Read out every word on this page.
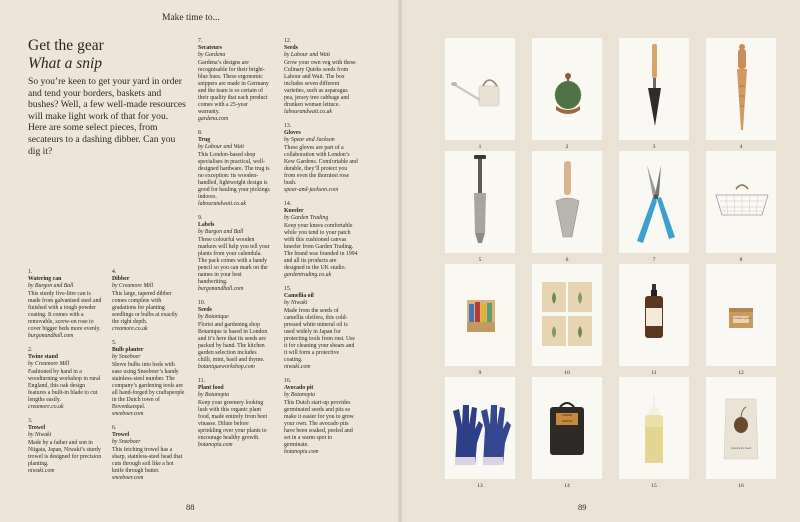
Make time to...
Get the gear
What a snip
So you’re keen to get your yard in order and tend your borders, baskets and bushes? Well, a few well-made resources will make light work of that for you. Here are some select pieces, from secateurs to a dashing dibber. Can you dig it?
1.
Watering can
by Burgon and Ball
This sturdy five-litre can is made from galvanised steel and finished with a tough powder coating. It comes with a removable, screw-on rose to cover bigger beds more evenly.
burgonandball.com
2.
Twine stand
by Creamore Mill
Fashioned by hand in a woodturning workshop in rural England, this oak design features a built-in blade to cut lengths easily.
creamore.co.uk
3.
Trowel
by Niwaki
Made by a father and son in Niigata, Japan, Niwaki’s sturdy trowel is designed for precision planting.
niwaki.com
4.
Dibber
by Creamore Mill
This large, tapered dibber comes complete with gradations for planting seedlings or bulbs at exactly the right depth.
creamore.co.uk
5.
Bulb planter
by Sneeboer
Shove bulbs into beds with ease using Sneeboer’s handy stainless-steel number. The company’s gardening tools are all hand-forged by craftspeople in the Dutch town of Bovenkarspel.
sneeboer.com
6.
Trowel
by Sneeboer
This fetching trowel has a sharp, stainless-steel head that cuts through soil like a hot knife through butter.
sneeboer.com
7.
Secateurs
by Gardena
Gardena’s designs are recognisable for their bright-blue hues. These ergonomic snippers are made in Germany and the team is so certain of their quality that each product comes with a 25-year warranty.
gardena.com
8.
Trug
by Labour and Wait
This London-based shop specialises in practical, well-designed hardware. The trug is no exception: its wooden-handled, lightweight design is good for hauling your pickings indoors.
labourandwait.co.uk
9.
Labels
by Burgon and Ball
These colourful wooden markers will help you tell your plants from your calendula. The pack comes with a handy pencil so you can mark on the names in your best handwriting.
burgonandball.com
10.
Seeds
by Botanique
Florist and gardening shop Botanique is based in London and it’s here that its seeds are packed by hand. The kitchen garden selection includes chilli, mint, basil and thyme.
botaniqueworkshop.com
11.
Plant food
by Botanopia
Keep your greenery looking lush with this organic plant food, made entirely from beet vinasse. Dilute before sprinkling over your plants to encourage healthy growth.
botanopia.com
12.
Seeds
by Labour and Wait
Grow your own veg with these Culinary Quirks seeds from Labour and Wait. The box includes seven different varieties, such as asparagus pea, jersey tree cabbage and drunken woman lettuce.
labourandwait.co.uk
13.
Gloves
by Spear and Jackson
These gloves are part of a collaboration with London’s Kew Gardens. Comfortable and durable, they’ll protect you from even the thorniest rose bush.
spear-and-jackson.com
14.
Kneeler
by Garden Trading
Keep your knees comfortable while you tend to your patch with this cushioned canvas kneeler from Garden Trading. The brand was founded in 1994 and all its products are designed in the UK studio.
gardentrading.co.uk
15.
Camellia oil
by Niwaki
Made from the seeds of camellia oleifera, this cold-pressed white mineral oil is used widely in Japan for protecting tools from rust. Use it for cleaning your shears and it will form a protective coating.
niwaki.com
16.
Avocado pit
by Botanopia
This Dutch start-up provides germinated seeds and pits so make it easier for you to grow your own. The avocado pits have been soaked, peeled and set in a warm spot to germinate.
botanopia.com
88
1	2	3	4
5	6	7	8
9	10	11
CULINARY QUIRKS
12
13
GARDEN TRADING
14	15
Growing the Seed
16
89
